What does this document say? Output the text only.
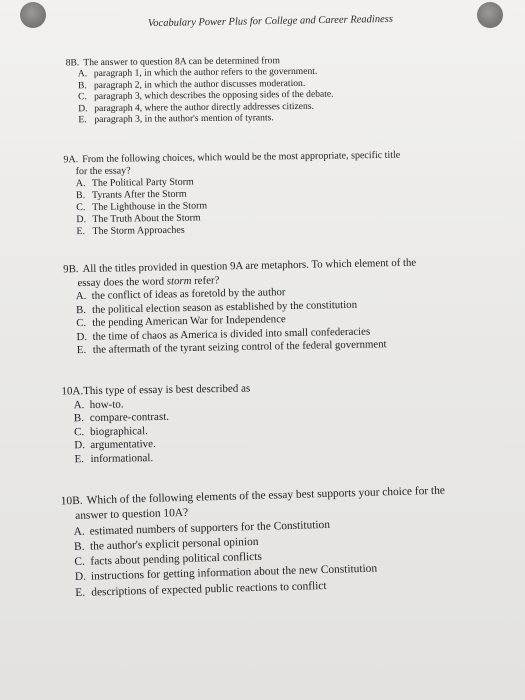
Vocabulary Power Plus for College and Career Readiness

8B. The answer to question 8A can be determined from

A. paragraph 1, in which the author refers to the government.
B. paragraph 2, in which the author discusses moderation.
C. paragraph 3, which describes the opposing sides of the debate.
D. paragraph 4, where the author directly addresses citizens.
E. paragraph 3, in the author's mention of tyrants.

9A. From the following choices, which would be the most appropriate, specific title
for the essay?

A. The Political Party Storm
B. Tyrants After the Storm
C. The Lighthouse in the Storm
D. The Truth About the Storm
E. The Storm Approaches

9B. All the titles provided in question 9A are metaphors. To which element of the
essay does the word storm refer?

A. the conflict of ideas as foretold by the author
B. the political election season as established by the constitution
C. the pending American War for Independence
D. the time of chaos as America is divided into small confederacies
E. the aftermath of the tyrant seizing control of the federal government

10A.This type of essay is best described as

A. how-to.
B. compare-contrast.
C. biographical.
D. argumentative.
E. informational.

10B. Which of the following elements of the essay best supports your choice for the
answer to question 10A?

A. estimated numbers of supporters for the Constitution
B. the author's explicit personal opinion
C. facts about pending political conflicts
D. instructions for getting information about the new Constitution
E. descriptions of expected public reactions to conflict
